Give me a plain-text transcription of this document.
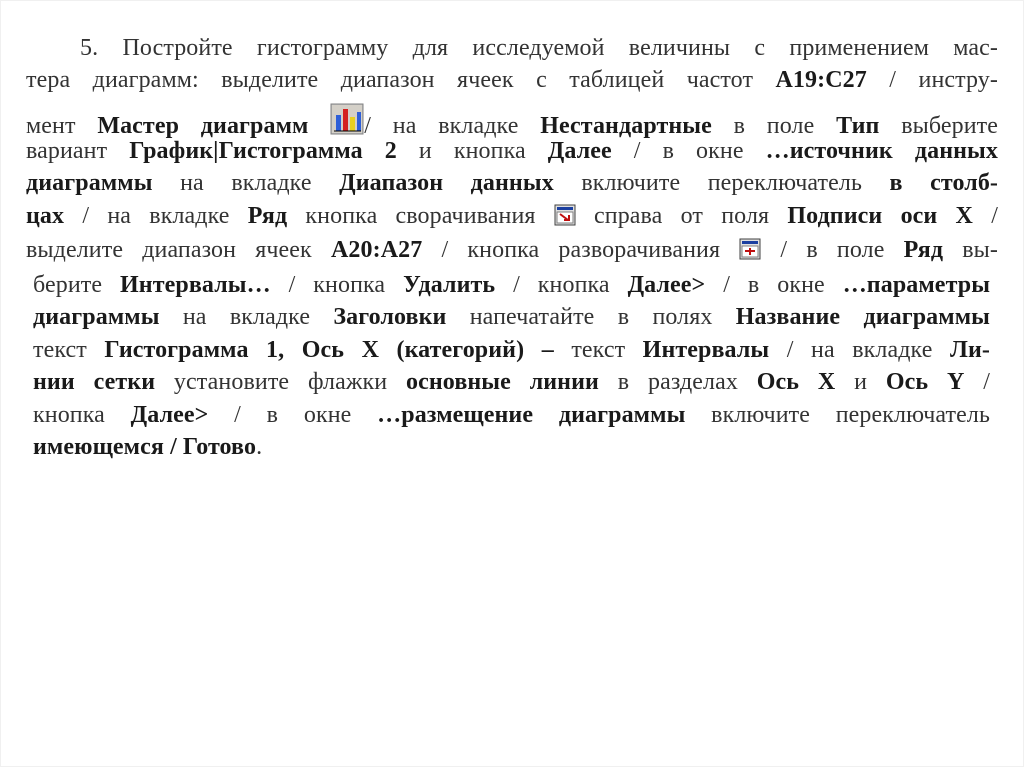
5. Постройте гистограмму для исследуемой величины с применением мас-
тера диаграмм: выделите диапазон ячеек с таблицей частот A19:C27 / инстру-
мент Мастер диаграмм
/ на вкладке Нестандартные в поле Тип выберите
вариант График|Гистограмма 2 и кнопка Далее / в окне …источник данных
диаграммы на вкладке Диапазон данных включите переключатель в столб-
цах / на вкладке Ряд кнопка сворачивания
справа от поля Подписи оси X /
выделите диапазон ячеек A20:A27 / кнопка разворачивания
/ в поле Ряд вы-
берите Интервалы… / кнопка Удалить / кнопка Далее> / в окне …параметры
диаграммы на вкладке Заголовки напечатайте в полях Название диаграммы
текст Гистограмма 1, Ось X (категорий) – текст Интервалы / на вкладке Ли-
нии сетки установите флажки основные линии в разделах Ось X и Ось Y /
кнопка Далее> / в окне …размещение диаграммы включите переключатель
имеющемся / Готово.
